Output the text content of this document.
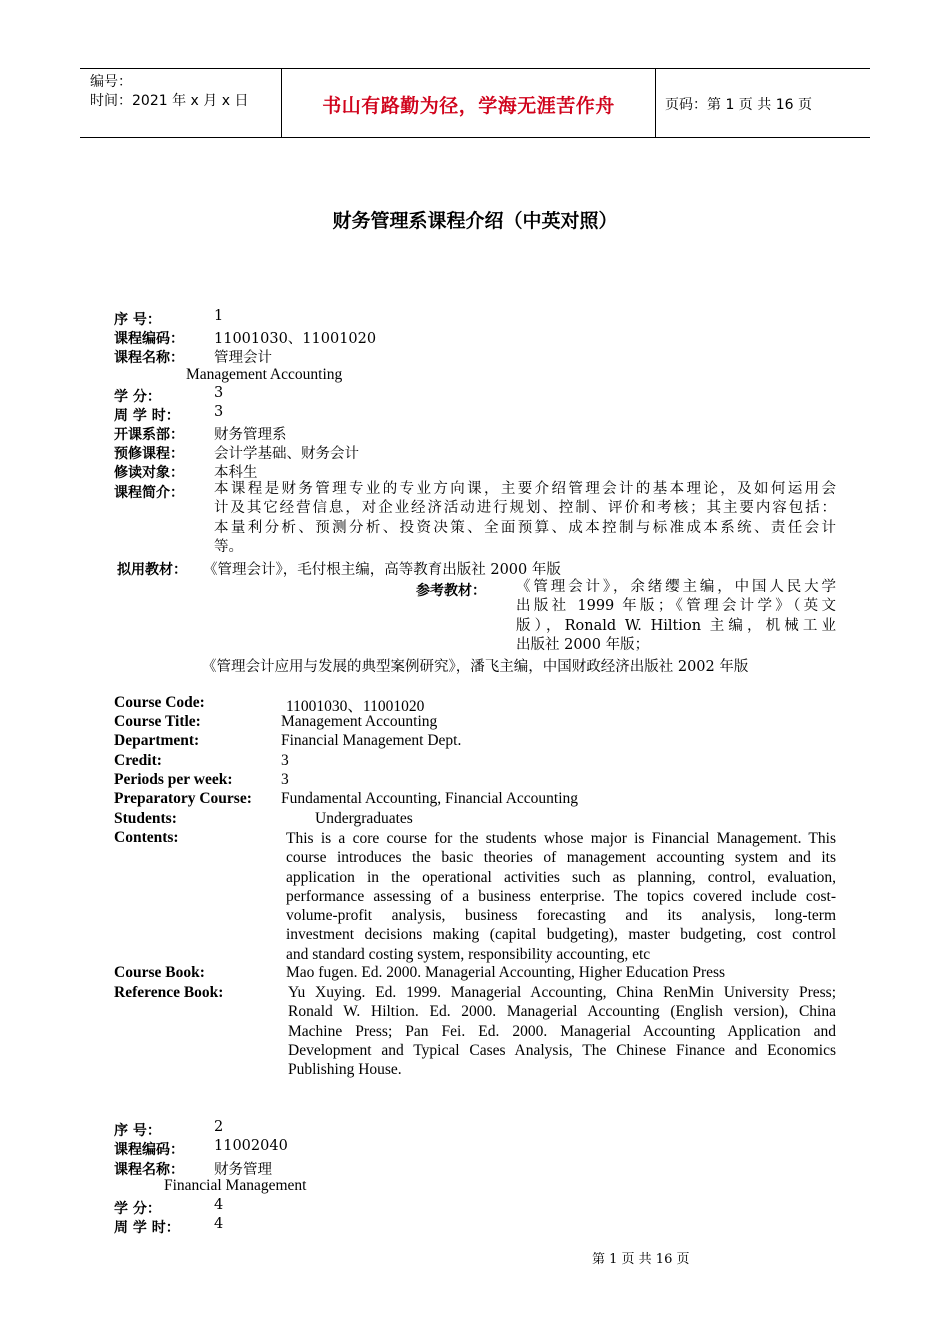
编号：
时间：2021 年 x 月 x 日	书山有路勤为径，学海无涯苦作舟	页码：第 1 页 共 16 页
财务管理系课程介绍（中英对照）
序 号：	1
课程编码： 11001030、11001020
课程名称： 管理会计
Management Accounting
学 分：	3
周 学 时： 3
开课系部： 财务管理系
预修课程： 会计学基础、财务会计
修读对象： 本科生
课程简介： 本课程是财务管理专业的专业方向课，主要介绍管理会计的基本理论，及如何运用会
计及其它经营信息，对企业经济活动进行规划、控制、评价和考核；其主要内容包括：
本量利分析、预测分析、投资决策、全面预算、成本控制与标准成本系统、责任会计
等。
拟用教材： 《管理会计》，毛付根主编，高等教育出版社 2000 年版
参考教材： 《管理会计》，余绪缨主编，中国人民大学
出版社 1999 年版；《管理会计学》（英文
版），Ronald W. Hiltion 主编，机械工业
出版社 2000 年版；
《管理会计应用与发展的典型案例研究》，潘飞主编，中国财政经济出版社 2002 年版
Course Code:	11001030、11001020
Course Title:	Management Accounting
Department:	Financial Management Dept.
Credit:	3
Periods per week:	3
Preparatory Course: Fundamental Accounting, Financial Accounting
Students:	Undergraduates
Contents:	This is a core course for the students whose major is Financial Management. This
course introduces the basic theories of management accounting system and its
application in the operational activities such as planning, control, evaluation,
performance assessing of a business enterprise. The topics covered include cost-
volume-profit analysis, business forecasting and its analysis, long-term
investment decisions making (capital budgeting), master budgeting, cost control
and standard costing system, responsibility accounting, etc
Course Book:	Mao fugen. Ed. 2000. Managerial Accounting, Higher Education Press
Reference Book:	Yu Xuying. Ed. 1999. Managerial Accounting, China RenMin University Press;
Ronald W. Hiltion. Ed. 2000. Managerial Accounting (English version), China
Machine Press; Pan Fei. Ed. 2000. Managerial Accounting Application and
Development and Typical Cases Analysis, The Chinese Finance and Economics
Publishing House.
序 号：	2
课程编码： 11002040
课程名称： 财务管理
Financial Management
学 分：	4
周 学 时： 4
第 1 页 共 16 页
